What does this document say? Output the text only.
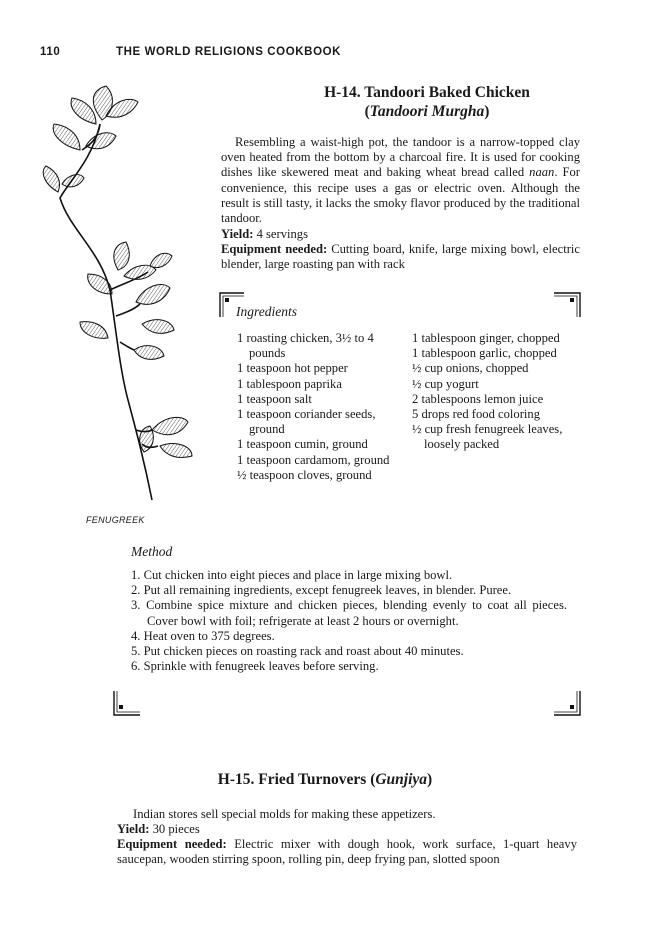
110	THE WORLD RELIGIONS COOKBOOK
FENUGREEK
H-14. Tandoori Baked Chicken
(Tandoori Murgha)
Resembling a waist-high pot, the tandoor is a narrow-topped clay oven heated from the bottom by a charcoal fire. It is used for cooking dishes like skewered meat and baking wheat bread called naan. For convenience, this recipe uses a gas or electric oven. Although the result is still tasty, it lacks the smoky flavor produced by the traditional tandoor.
Yield: 4 servings
Equipment needed: Cutting board, knife, large mixing bowl, electric blender, large roasting pan with rack
Ingredients
1 roasting chicken, 3½ to 4 pounds
1 teaspoon hot pepper
1 tablespoon paprika
1 teaspoon salt
1 teaspoon coriander seeds, ground
1 teaspoon cumin, ground
1 teaspoon cardamom, ground
½ teaspoon cloves, ground
1 tablespoon ginger, chopped
1 tablespoon garlic, chopped
½ cup onions, chopped
½ cup yogurt
2 tablespoons lemon juice
5 drops red food coloring
½ cup fresh fenugreek leaves, loosely packed
Method
1. Cut chicken into eight pieces and place in large mixing bowl.
2. Put all remaining ingredients, except fenugreek leaves, in blender. Puree.
3. Combine spice mixture and chicken pieces, blending evenly to coat all pieces. Cover bowl with foil; refrigerate at least 2 hours or overnight.
4. Heat oven to 375 degrees.
5. Put chicken pieces on roasting rack and roast about 40 minutes.
6. Sprinkle with fenugreek leaves before serving.
H-15. Fried Turnovers (Gunjiya)
Indian stores sell special molds for making these appetizers.
Yield: 30 pieces
Equipment needed: Electric mixer with dough hook, work surface, 1-quart heavy saucepan, wooden stirring spoon, rolling pin, deep frying pan, slotted spoon
